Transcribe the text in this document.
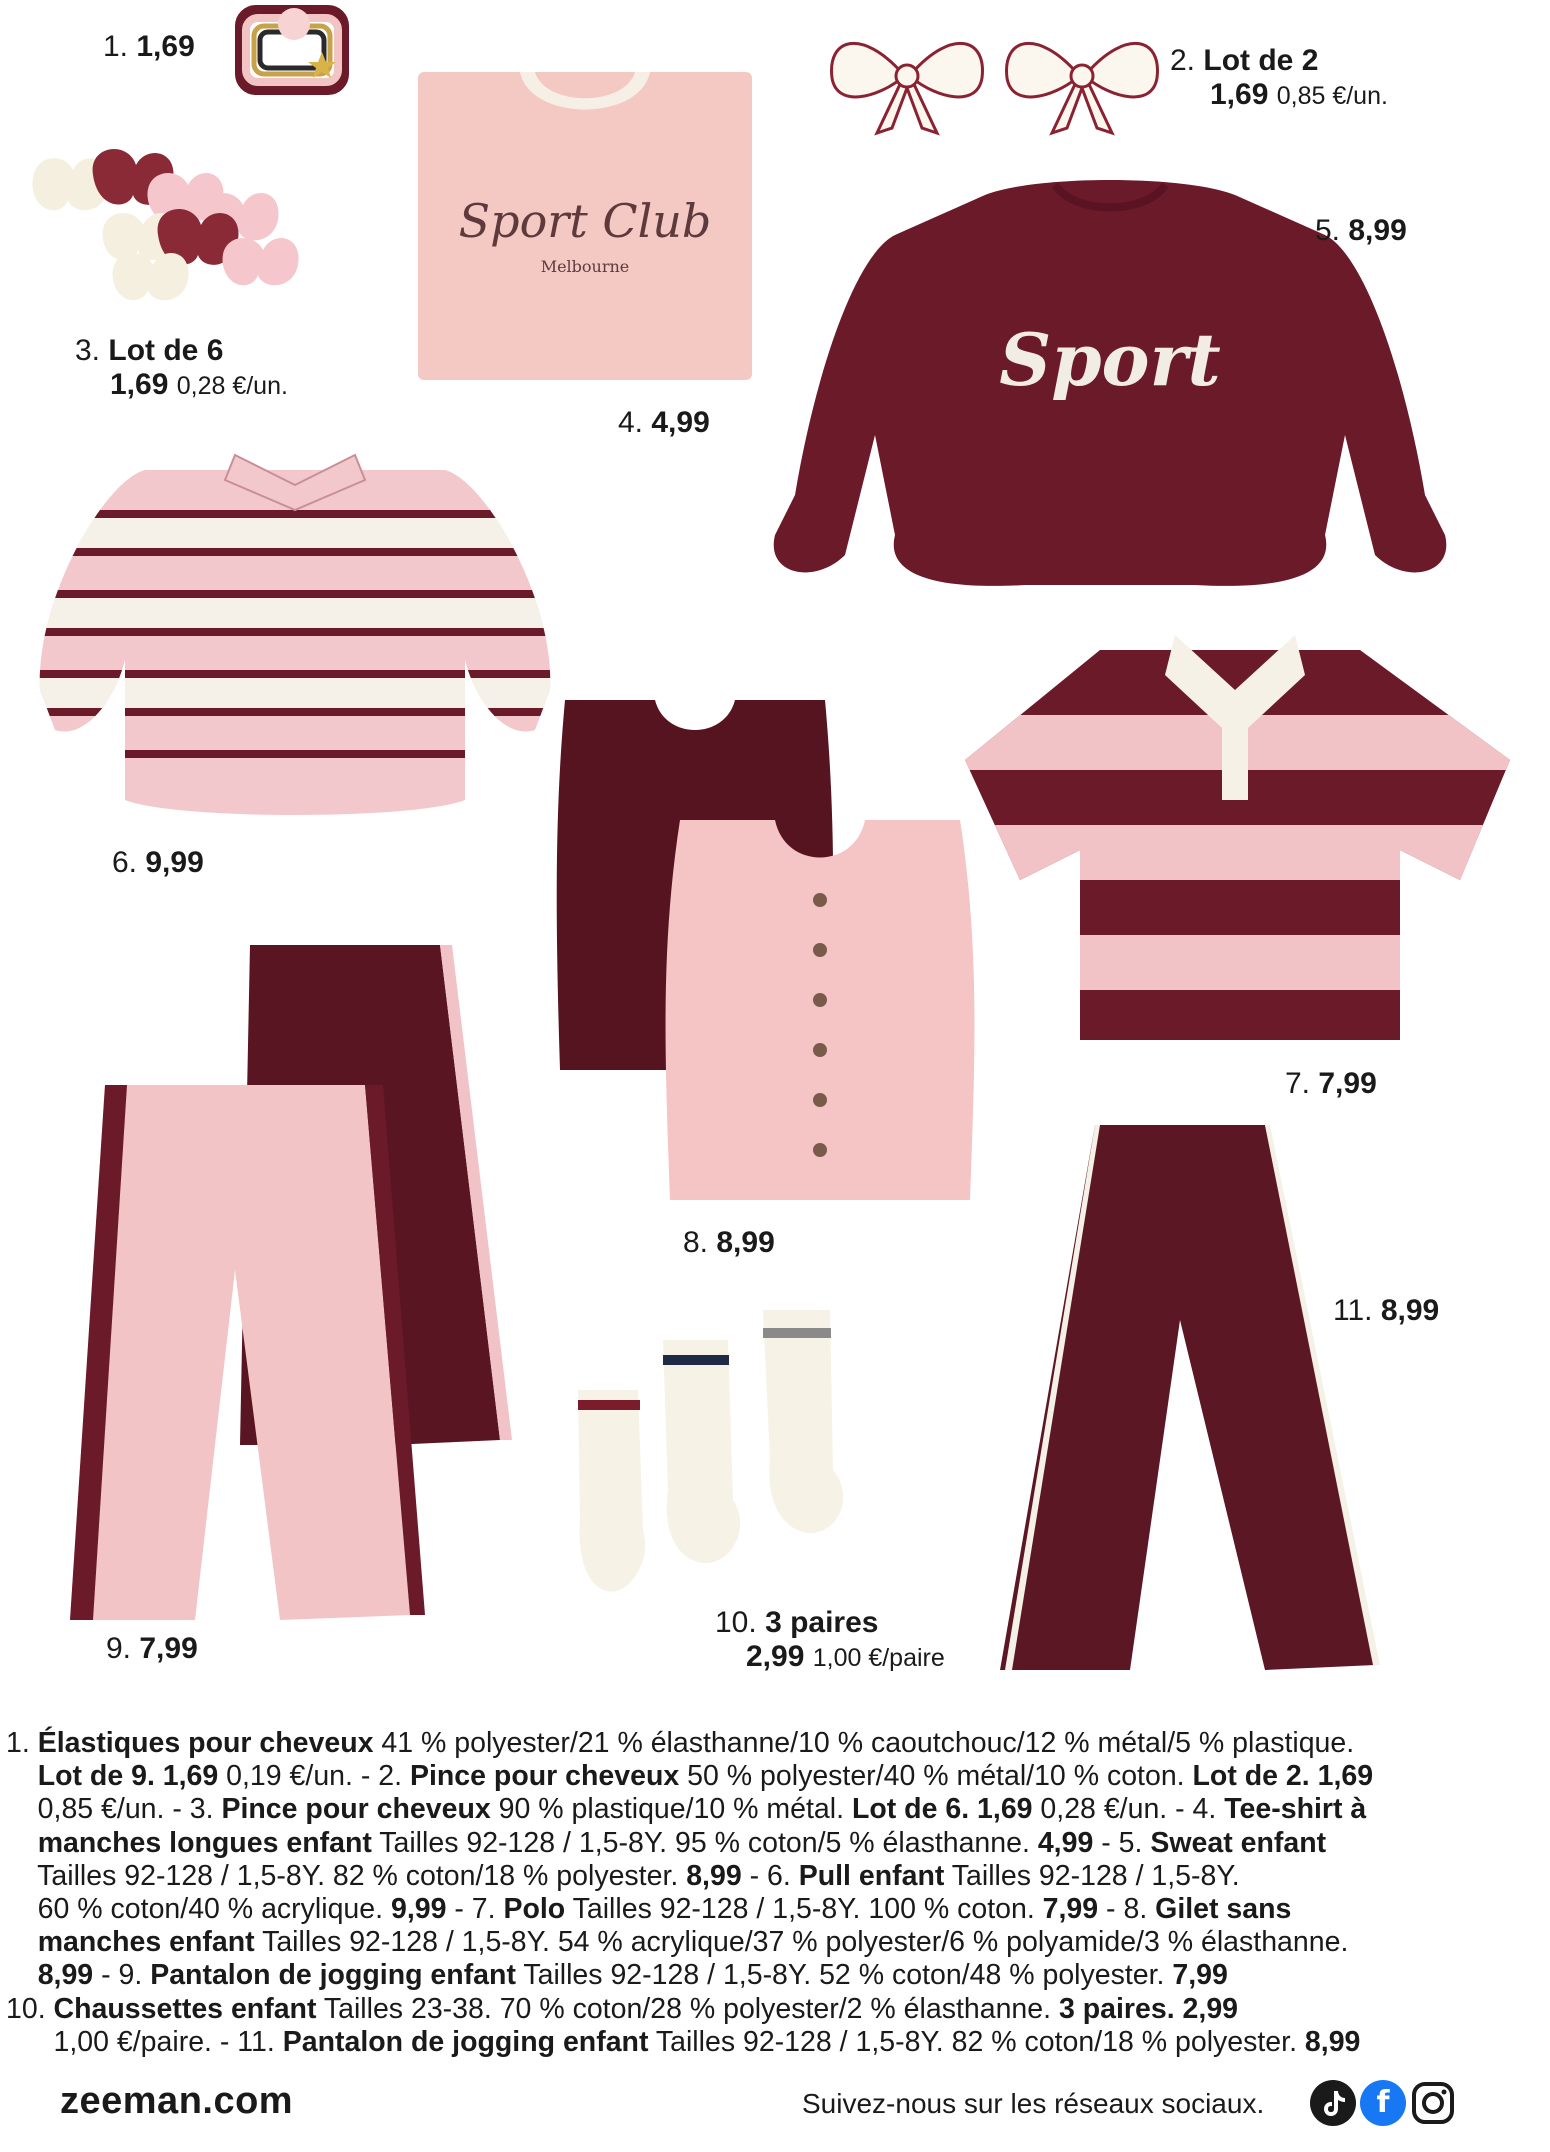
Sport Club
Melbourne
Sport
1. 1,69	2. Lot de 2
1,69 0,85 €/un.
3. Lot de 6
1,69 0,28 €/un.
4. 4,99
5. 8,99
6. 9,99
7. 7,99
8. 8,99
9. 7,99
10. 3 paires
2,99 1,00 €/paire
11. 8,99
1. Élastiques pour cheveux 41 % polyester/21 % élasthanne/10 % caoutchouc/12 % métal/5 % plastique.
Lot de 9. 1,69 0,19 €/un. - 2. Pince pour cheveux 50 % polyester/40 % métal/10 % coton. Lot de 2. 1,69
0,85 €/un. - 3. Pince pour cheveux 90 % plastique/10 % métal. Lot de 6. 1,69 0,28 €/un. - 4. Tee-shirt à
manches longues enfant Tailles 92-128 / 1,5-8Y. 95 % coton/5 % élasthanne. 4,99 - 5. Sweat enfant
Tailles 92-128 / 1,5-8Y. 82 % coton/18 % polyester. 8,99 - 6. Pull enfant Tailles 92-128 / 1,5-8Y.
60 % coton/40 % acrylique. 9,99 - 7. Polo Tailles 92-128 / 1,5-8Y. 100 % coton. 7,99 - 8. Gilet sans
manches enfant Tailles 92-128 / 1,5-8Y. 54 % acrylique/37 % polyester/6 % polyamide/3 % élasthanne.
8,99 - 9. Pantalon de jogging enfant Tailles 92-128 / 1,5-8Y. 52 % coton/48 % polyester. 7,99
10. Chaussettes enfant Tailles 23-38. 70 % coton/28 % polyester/2 % élasthanne. 3 paires. 2,99
1,00 €/paire. - 11. Pantalon de jogging enfant Tailles 92-128 / 1,5-8Y. 82 % coton/18 % polyester. 8,99
zeeman.com	Suivez-nous sur les réseaux sociaux.	f
